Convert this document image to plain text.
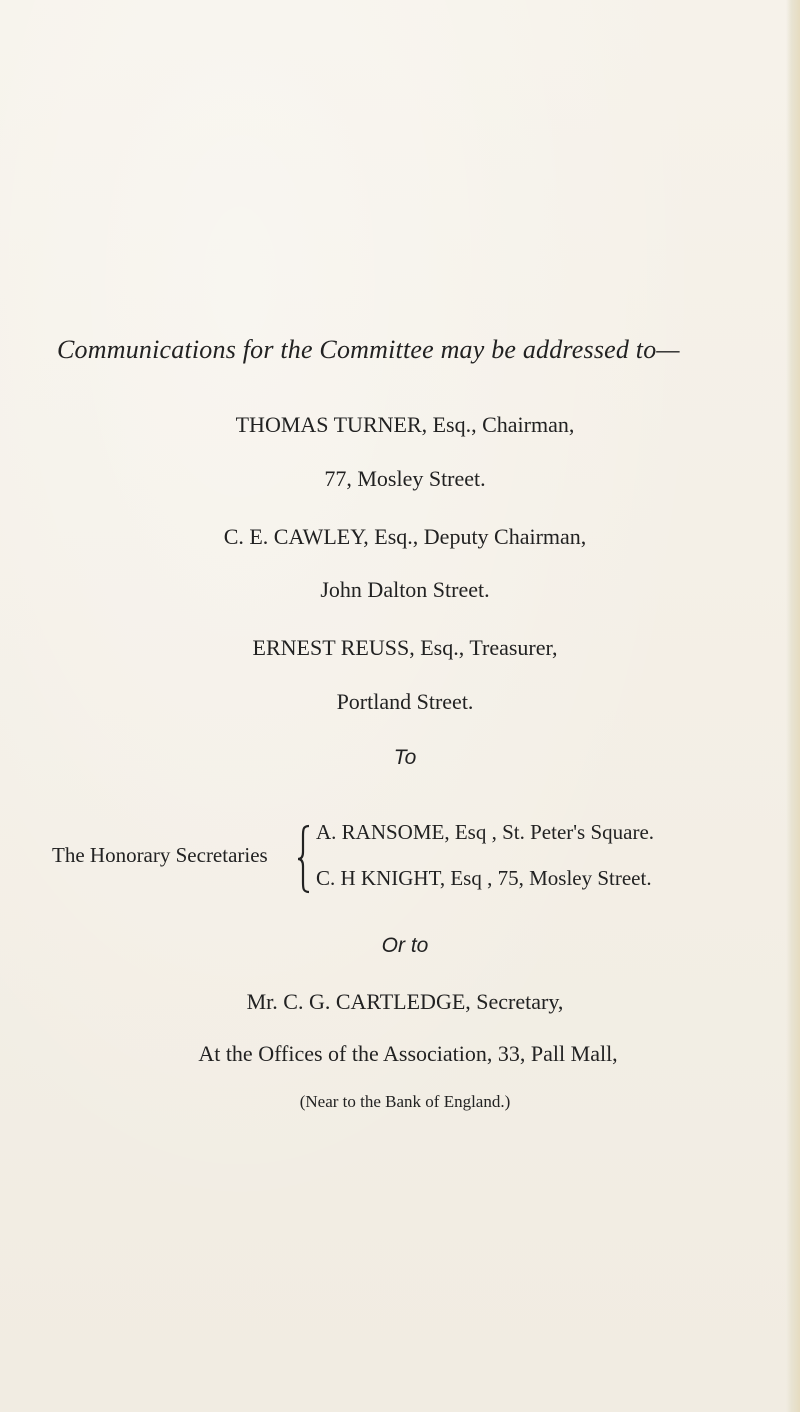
Communications for the Committee may be addressed to—
THOMAS TURNER, Esq., Chairman,
77, Mosley Street.
C. E. CAWLEY, Esq., Deputy Chairman,
John Dalton Street.
ERNEST REUSS, Esq., Treasurer,
Portland Street.
To
The Honorary Secretaries
A. RANSOME, Esq , St. Peter's Square.
C. H KNIGHT, Esq , 75, Mosley Street.
Or to
Mr. C. G. CARTLEDGE, Secretary,
At the Offices of the Association, 33, Pall Mall,
(Near to the Bank of England.)
